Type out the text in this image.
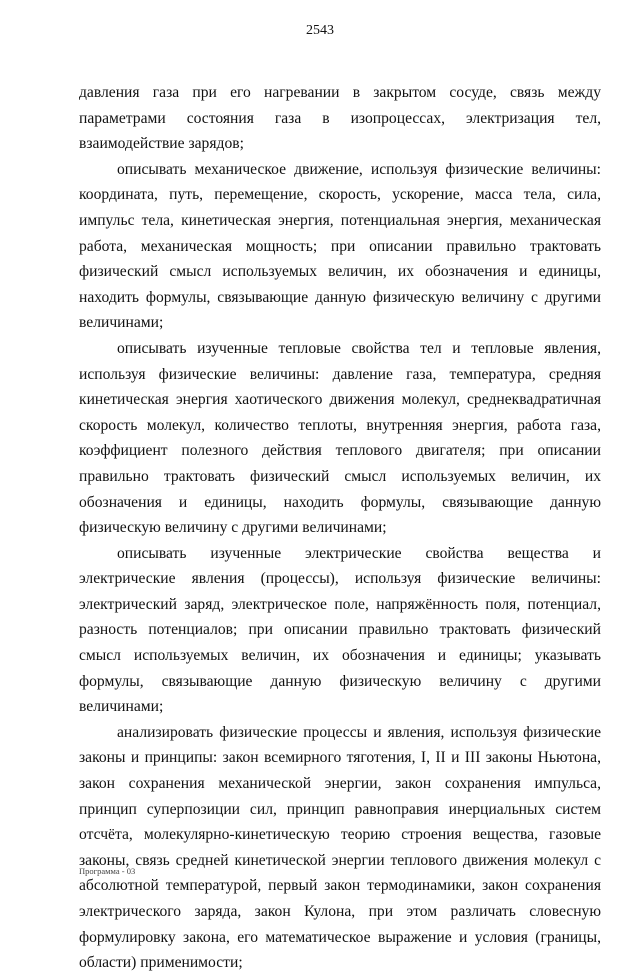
2543

давления газа при его нагревании в закрытом сосуде, связь между параметрами состояния газа в изопроцессах, электризация тел, взаимодействие зарядов;

описывать механическое движение, используя физические величины: координата, путь, перемещение, скорость, ускорение, масса тела, сила, импульс тела, кинетическая энергия, потенциальная энергия, механическая работа, механическая мощность; при описании правильно трактовать физический смысл используемых величин, их обозначения и единицы, находить формулы, связывающие данную физическую величину с другими величинами;

описывать изученные тепловые свойства тел и тепловые явления, используя физические величины: давление газа, температура, средняя кинетическая энергия хаотического движения молекул, среднеквадратичная скорость молекул, количество теплоты, внутренняя энергия, работа газа, коэффициент полезного действия теплового двигателя; при описании правильно трактовать физический смысл используемых величин, их обозначения и единицы, находить формулы, связывающие данную физическую величину с другими величинами;

описывать изученные электрические свойства вещества и электрические явления (процессы), используя физические величины: электрический заряд, электрическое поле, напряжённость поля, потенциал, разность потенциалов; при описании правильно трактовать физический смысл используемых величин, их обозначения и единицы; указывать формулы, связывающие данную физическую величину с другими величинами;

анализировать физические процессы и явления, используя физические законы и принципы: закон всемирного тяготения, I, II и III законы Ньютона, закон сохранения механической энергии, закон сохранения импульса, принцип суперпозиции сил, принцип равноправия инерциальных систем отсчёта, молекулярно-кинетическую теорию строения вещества, газовые законы, связь средней кинетической энергии теплового движения молекул с абсолютной температурой, первый закон термодинамики, закон сохранения электрического заряда, закон Кулона, при этом различать словесную формулировку закона, его математическое выражение и условия (границы, области) применимости;

Программа - 03
